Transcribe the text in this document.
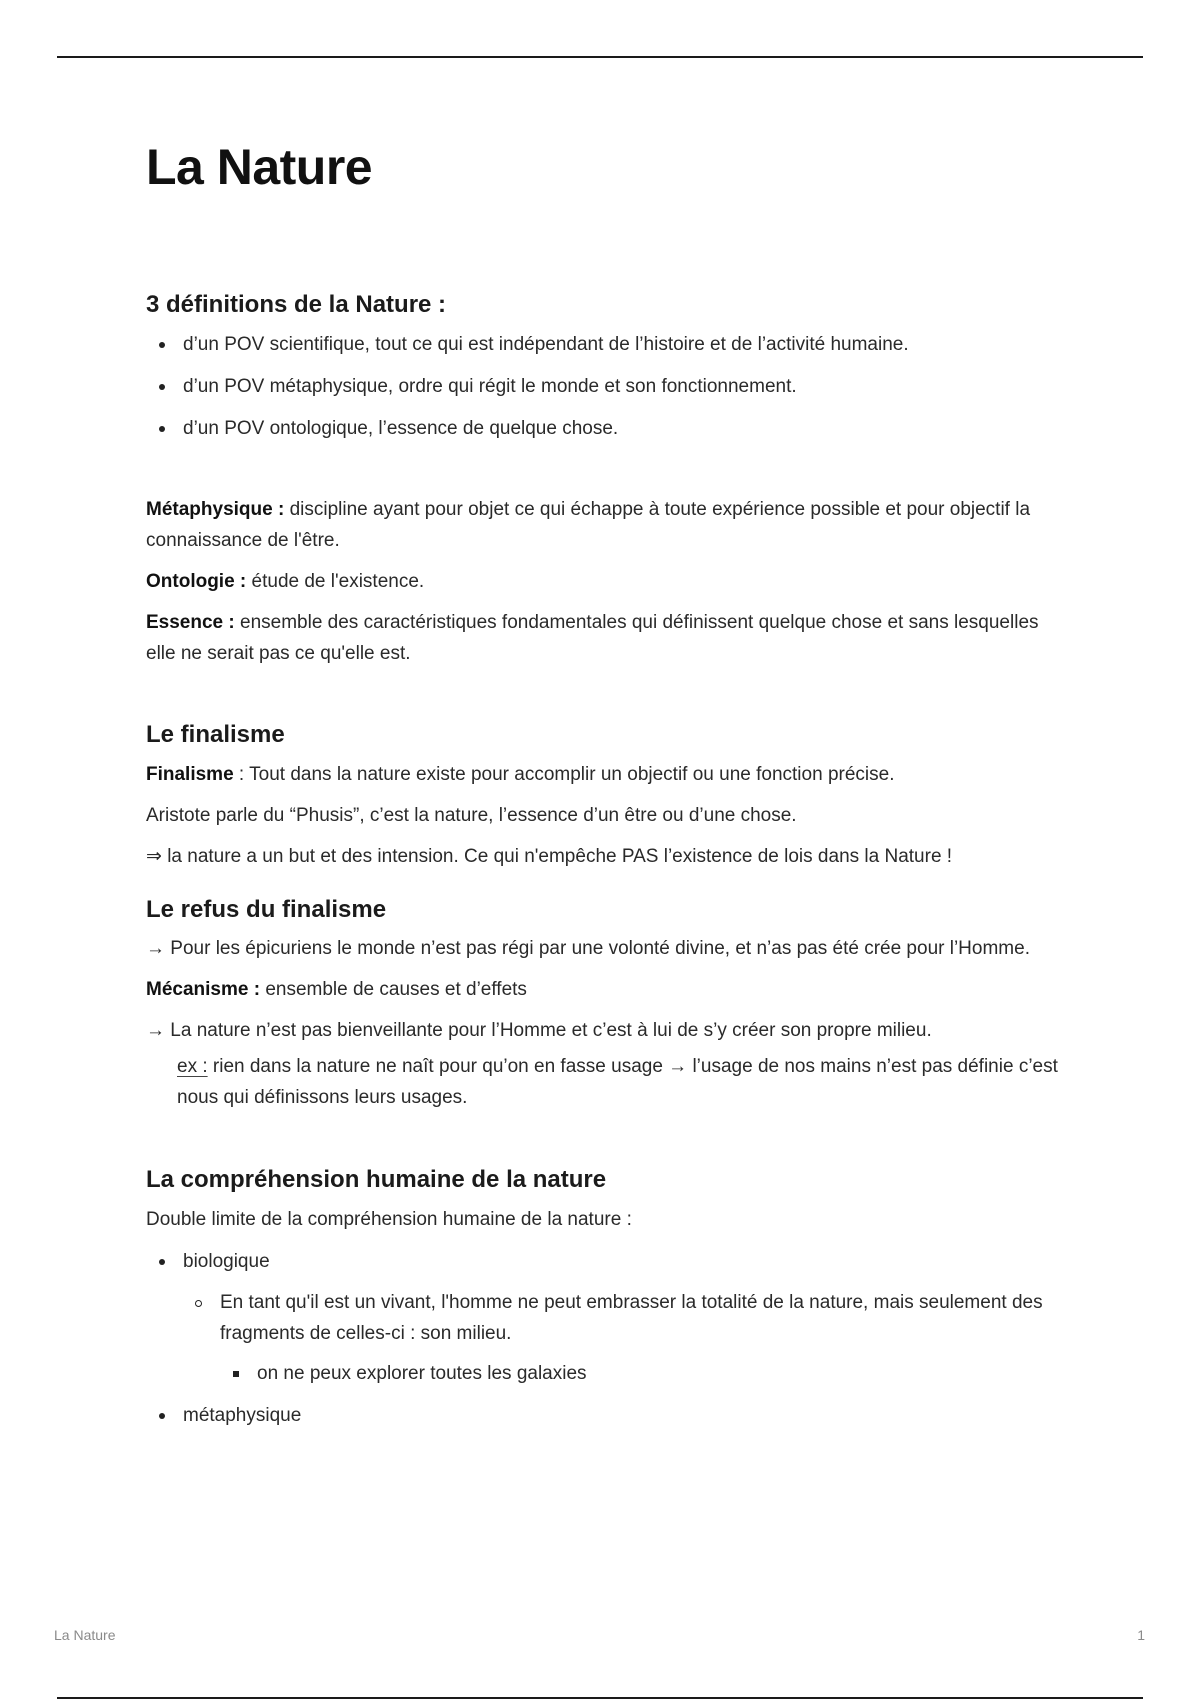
La Nature
3 définitions de la Nature :
d’un POV scientifique, tout ce qui est indépendant de l’histoire et de l’activité humaine.
d’un POV métaphysique, ordre qui régit le monde et son fonctionnement.
d’un POV ontologique, l’essence de quelque chose.

Métaphysique : discipline ayant pour objet ce qui échappe à toute expérience possible et pour objectif la connaissance de l'être.

Ontologie : étude de l'existence.

Essence : ensemble des caractéristiques fondamentales qui définissent quelque chose et sans lesquelles elle ne serait pas ce qu'elle est.

Le finalisme

Finalisme : Tout dans la nature existe pour accomplir un objectif ou une fonction précise.

Aristote parle du “Phusis”, c’est la nature, l’essence d’un être ou d’une chose.

⇒ la nature a un but et des intension. Ce qui n'empêche PAS l’existence de lois dans la Nature !

Le refus du finalisme

→ Pour les épicuriens le monde n’est pas régi par une volonté divine, et n’as pas été crée pour l’Homme.

Mécanisme : ensemble de causes et d’effets

→ La nature n’est pas bienveillante pour l’Homme et c’est à lui de s’y créer son propre milieu.

ex : rien dans la nature ne naît pour qu’on en fasse usage → l’usage de nos mains n’est pas définie c’est nous qui définissons leurs usages.

La compréhension humaine de la nature

Double limite de la compréhension humaine de la nature :

biologique
En tant qu'il est un vivant, l'homme ne peut embrasser la totalité de la nature, mais seulement des fragments de celles-ci : son milieu.
on ne peux explorer toutes les galaxies
métaphysique
La Nature	1
